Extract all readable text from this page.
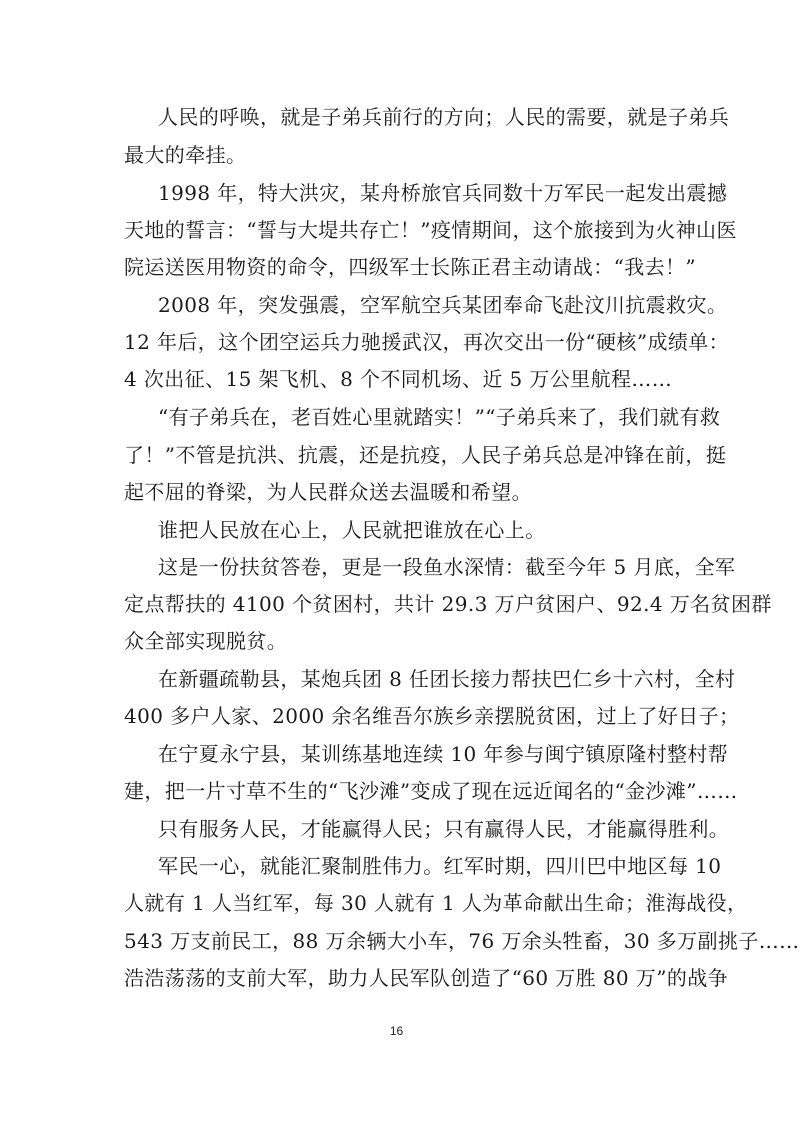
人民的呼唤，就是子弟兵前行的方向；人民的需要，就是子弟兵
最大的牵挂。
1998 年，特大洪灾，某舟桥旅官兵同数十万军民一起发出震撼
天地的誓言：“誓与大堤共存亡！”疫情期间，这个旅接到为火神山医
院运送医用物资的命令，四级军士长陈正君主动请战：“我去！”
2008 年，突发强震，空军航空兵某团奉命飞赴汶川抗震救灾。
12 年后，这个团空运兵力驰援武汉，再次交出一份“硬核”成绩单：
4 次出征、15 架飞机、8 个不同机场、近 5 万公里航程……
“有子弟兵在，老百姓心里就踏实！”“子弟兵来了，我们就有救
了！”不管是抗洪、抗震，还是抗疫，人民子弟兵总是冲锋在前，挺
起不屈的脊梁，为人民群众送去温暖和希望。
谁把人民放在心上，人民就把谁放在心上。
这是一份扶贫答卷，更是一段鱼水深情：截至今年 5 月底，全军
定点帮扶的 4100 个贫困村，共计 29.3 万户贫困户、92.4 万名贫困群
众全部实现脱贫。
在新疆疏勒县，某炮兵团 8 任团长接力帮扶巴仁乡十六村，全村
400 多户人家、2000 余名维吾尔族乡亲摆脱贫困，过上了好日子；
在宁夏永宁县，某训练基地连续 10 年参与闽宁镇原隆村整村帮
建，把一片寸草不生的“飞沙滩”变成了现在远近闻名的“金沙滩”……
只有服务人民，才能赢得人民；只有赢得人民，才能赢得胜利。
军民一心，就能汇聚制胜伟力。红军时期，四川巴中地区每 10
人就有 1 人当红军，每 30 人就有 1 人为革命献出生命；淮海战役，
543 万支前民工，88 万余辆大小车，76 万余头牲畜，30 多万副挑子……
浩浩荡荡的支前大军，助力人民军队创造了“60 万胜 80 万”的战争
16
